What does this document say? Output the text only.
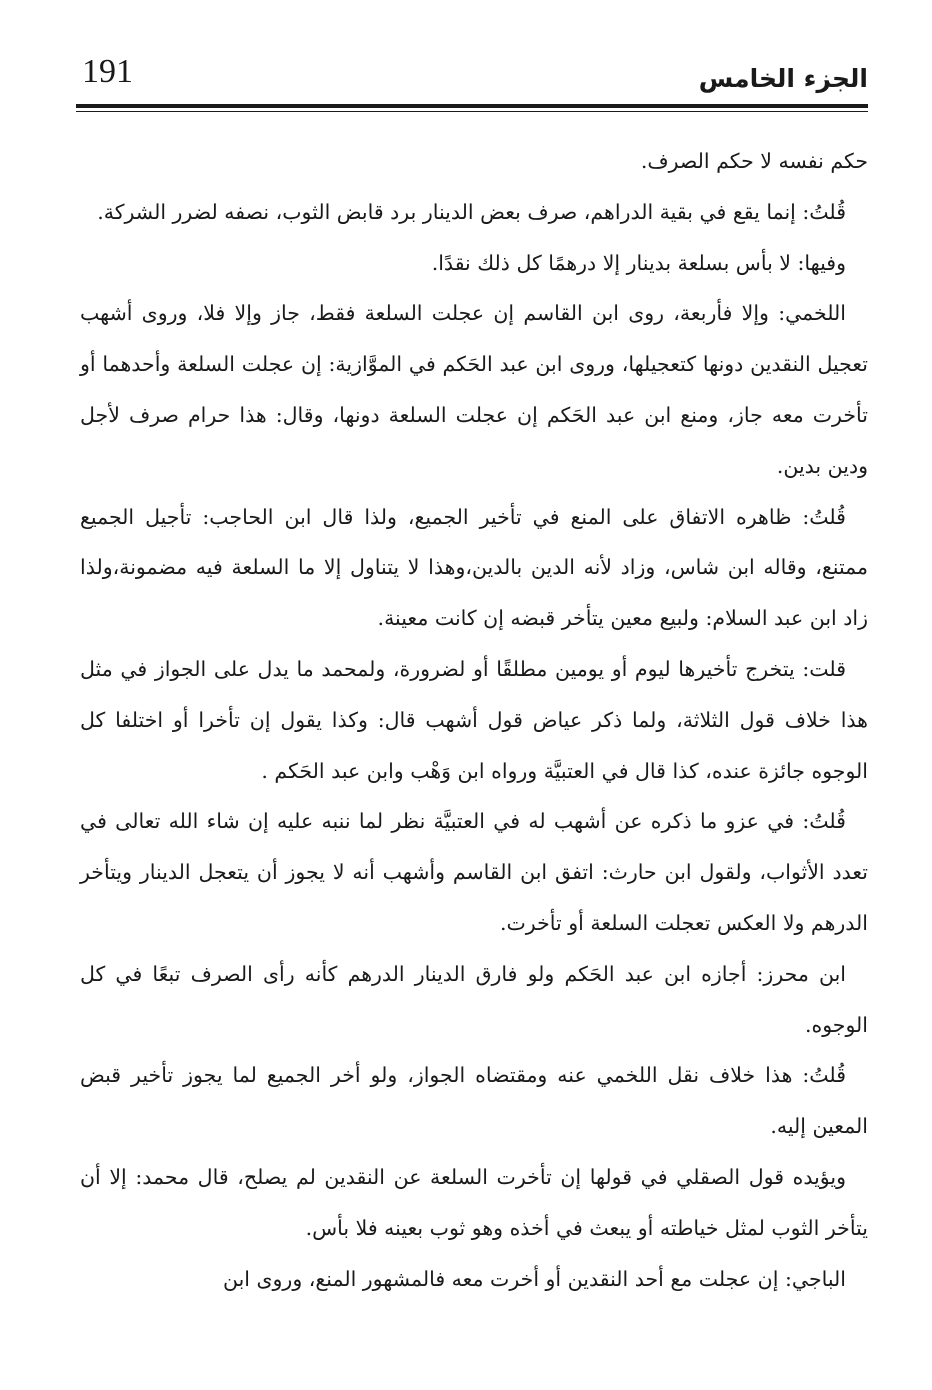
191	الجزء الخامس

حكم نفسه لا حكم الصرف.

قُلتُ: إنما يقع في بقية الدراهم، صرف بعض الدينار برد قابض الثوب، نصفه لضرر الشركة.

وفيها: لا بأس بسلعة بدينار إلا درهمًا كل ذلك نقدًا.

اللخمي: وإلا فأربعة، روى ابن القاسم إن عجلت السلعة فقط، جاز وإلا فلا، وروى أشهب تعجيل النقدين دونها كتعجيلها، وروى ابن عبد الحَكم في الموَّازية: إن عجلت السلعة وأحدهما أو تأخرت معه جاز، ومنع ابن عبد الحَكم إن عجلت السلعة دونها، وقال: هذا حرام صرف لأجل ودين بدين.

قُلتُ: ظاهره الاتفاق على المنع في تأخير الجميع، ولذا قال ابن الحاجب: تأجيل الجميع ممتنع، وقاله ابن شاس، وزاد لأنه الدين بالدين،وهذا لا يتناول إلا ما السلعة فيه مضمونة،ولذا زاد ابن عبد السلام: ولبيع معين يتأخر قبضه إن كانت معينة.

قلت: يتخرج تأخيرها ليوم أو يومين مطلقًا أو لضرورة، ولمحمد ما يدل على الجواز في مثل هذا خلاف قول الثلاثة، ولما ذكر عياض قول أشهب قال: وكذا يقول إن تأخرا أو اختلفا كل الوجوه جائزة عنده، كذا قال في العتبيَّة ورواه ابن وَهْب وابن عبد الحَكم .

قُلتُ: في عزو ما ذكره عن أشهب له في العتبيَّة نظر لما ننبه عليه إن شاء الله تعالى في تعدد الأثواب، ولقول ابن حارث: اتفق ابن القاسم وأشهب أنه لا يجوز أن يتعجل الدينار ويتأخر الدرهم ولا العكس تعجلت السلعة أو تأخرت.

ابن محرز: أجازه ابن عبد الحَكم ولو فارق الدينار الدرهم كأنه رأى الصرف تبعًا في كل الوجوه.

قُلتُ: هذا خلاف نقل اللخمي عنه ومقتضاه الجواز، ولو أخر الجميع لما يجوز تأخير قبض المعين إليه.

ويؤيده قول الصقلي في قولها إن تأخرت السلعة عن النقدين لم يصلح، قال محمد: إلا أن يتأخر الثوب لمثل خياطته أو يبعث في أخذه وهو ثوب بعينه فلا بأس.

الباجي: إن عجلت مع أحد النقدين أو أخرت معه فالمشهور المنع، وروى ابن
